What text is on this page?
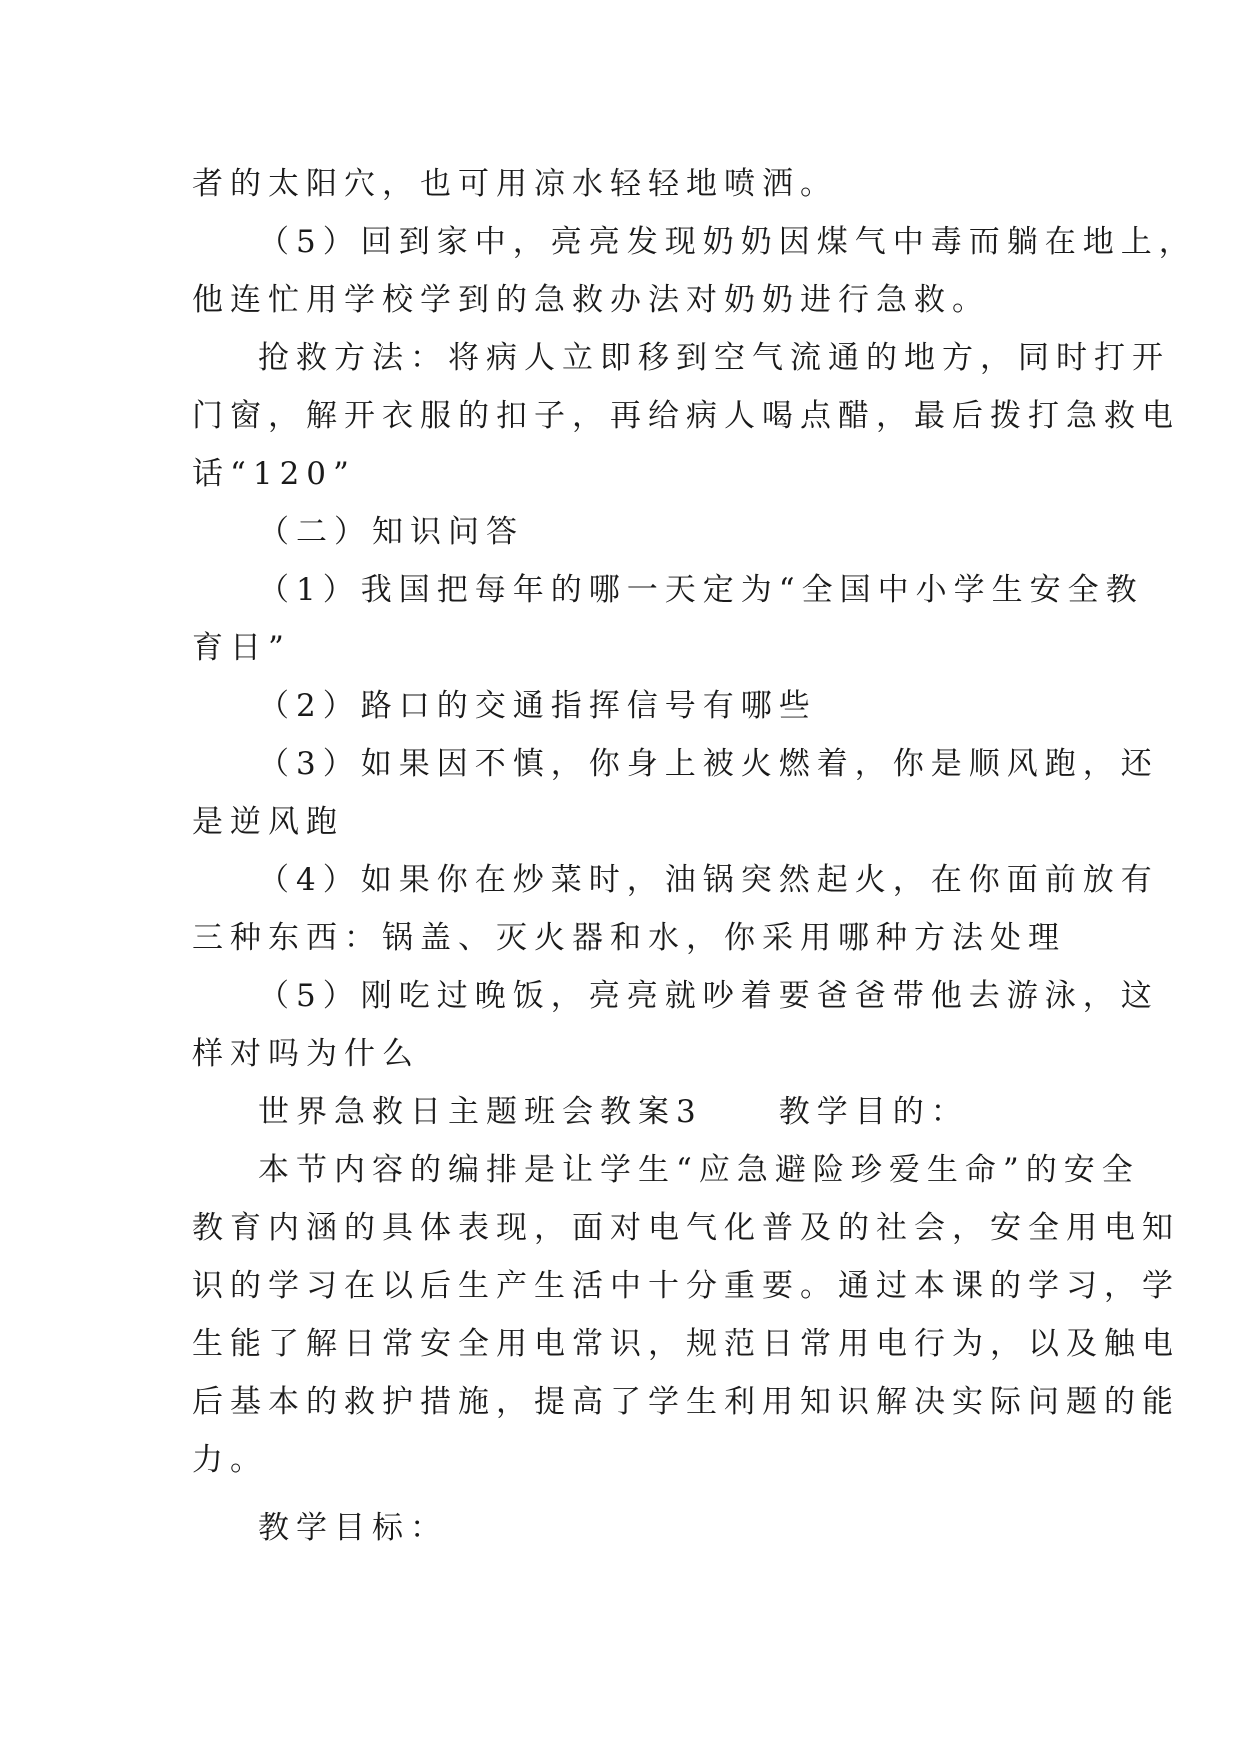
者的太阳穴，也可用凉水轻轻地喷洒。
（5）回到家中，亮亮发现奶奶因煤气中毒而躺在地上，
他连忙用学校学到的急救办法对奶奶进行急救。
抢救方法：将病人立即移到空气流通的地方，同时打开
门窗，解开衣服的扣子，再给病人喝点醋，最后拨打急救电
话“120”
（二）知识问答
（1）我国把每年的哪一天定为“全国中小学生安全教
育日”
（2）路口的交通指挥信号有哪些
（3）如果因不慎，你身上被火燃着，你是顺风跑，还
是逆风跑
（4）如果你在炒菜时，油锅突然起火，在你面前放有
三种东西：锅盖、灭火器和水，你采用哪种方法处理
（5）刚吃过晚饭，亮亮就吵着要爸爸带他去游泳，这
样对吗为什么
世界急救日主题班会教案3　　教学目的：
本节内容的编排是让学生“应急避险珍爱生命”的安全
教育内涵的具体表现，面对电气化普及的社会，安全用电知
识的学习在以后生产生活中十分重要。通过本课的学习，学
生能了解日常安全用电常识，规范日常用电行为，以及触电
后基本的救护措施，提高了学生利用知识解决实际问题的能
力。
教学目标：
